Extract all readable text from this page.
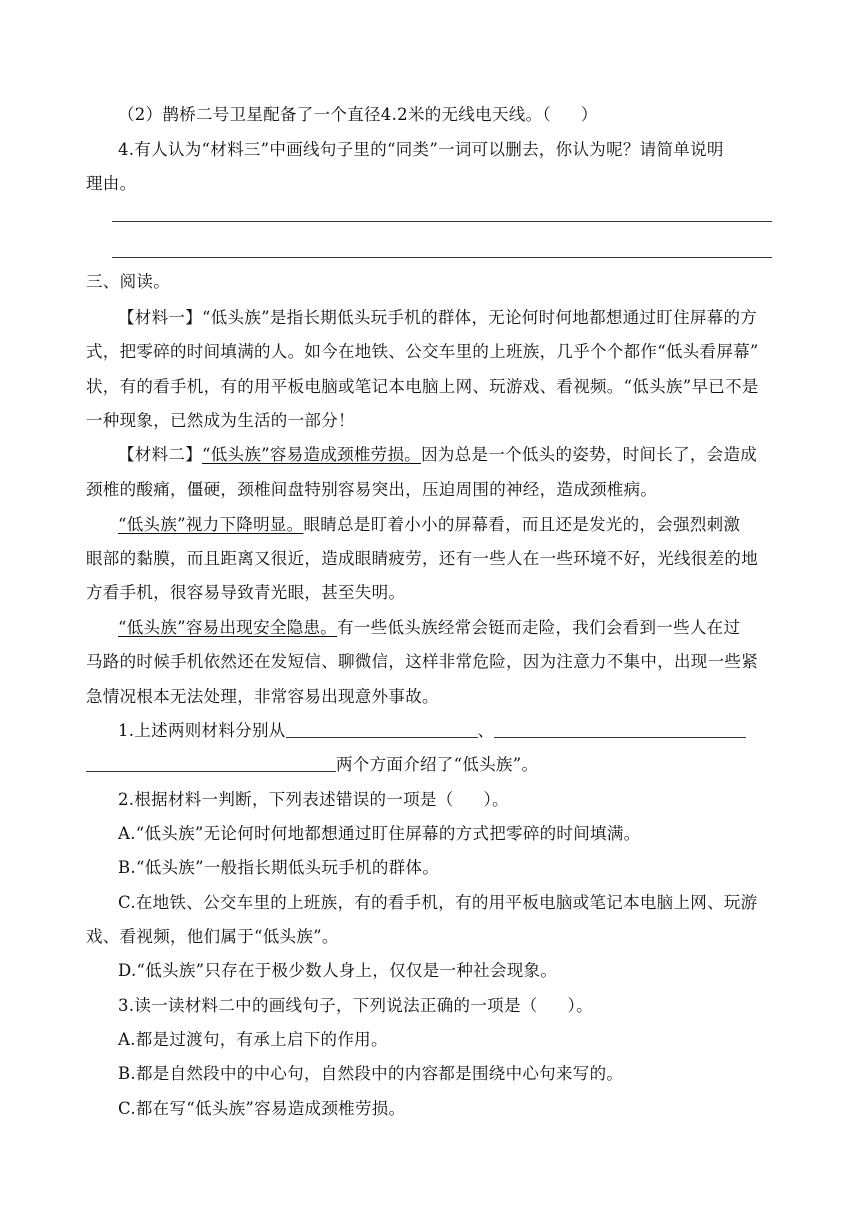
（2）鹊桥二号卫星配备了一个直径4.2米的无线电天线。（ ）
4.有人认为“材料三”中画线句子里的“同类”一词可以删去，你认为呢？请简单说明
理由。
三、阅读。
【材料一】“低头族”是指长期低头玩手机的群体，无论何时何地都想通过盯住屏幕的方
式，把零碎的时间填满的人。如今在地铁、公交车里的上班族，几乎个个都作“低头看屏幕”
状，有的看手机，有的用平板电脑或笔记本电脑上网、玩游戏、看视频。“低头族”早已不是
一种现象，已然成为生活的一部分！
【材料二】“低头族”容易造成颈椎劳损。因为总是一个低头的姿势，时间长了，会造成
颈椎的酸痛，僵硬，颈椎间盘特别容易突出，压迫周围的神经，造成颈椎病。
“低头族”视力下降明显。眼睛总是盯着小小的屏幕看，而且还是发光的，会强烈刺激
眼部的黏膜，而且距离又很近，造成眼睛疲劳，还有一些人在一些环境不好，光线很差的地
方看手机，很容易导致青光眼，甚至失明。
“低头族”容易出现安全隐患。有一些低头族经常会铤而走险，我们会看到一些人在过
马路的时候手机依然还在发短信、聊微信，这样非常危险，因为注意力不集中，出现一些紧
急情况根本无法处理，非常容易出现意外事故。
1.上述两则材料分别从	、
两个方面介绍了“低头族”。
2.根据材料一判断，下列表述错误的一项是（ ）。
A.“低头族”无论何时何地都想通过盯住屏幕的方式把零碎的时间填满。
B.“低头族”一般指长期低头玩手机的群体。
C.在地铁、公交车里的上班族，有的看手机，有的用平板电脑或笔记本电脑上网、玩游
戏、看视频，他们属于“低头族”。
D.“低头族”只存在于极少数人身上，仅仅是一种社会现象。
3.读一读材料二中的画线句子，下列说法正确的一项是（ ）。
A.都是过渡句，有承上启下的作用。
B.都是自然段中的中心句，自然段中的内容都是围绕中心句来写的。
C.都在写“低头族”容易造成颈椎劳损。
